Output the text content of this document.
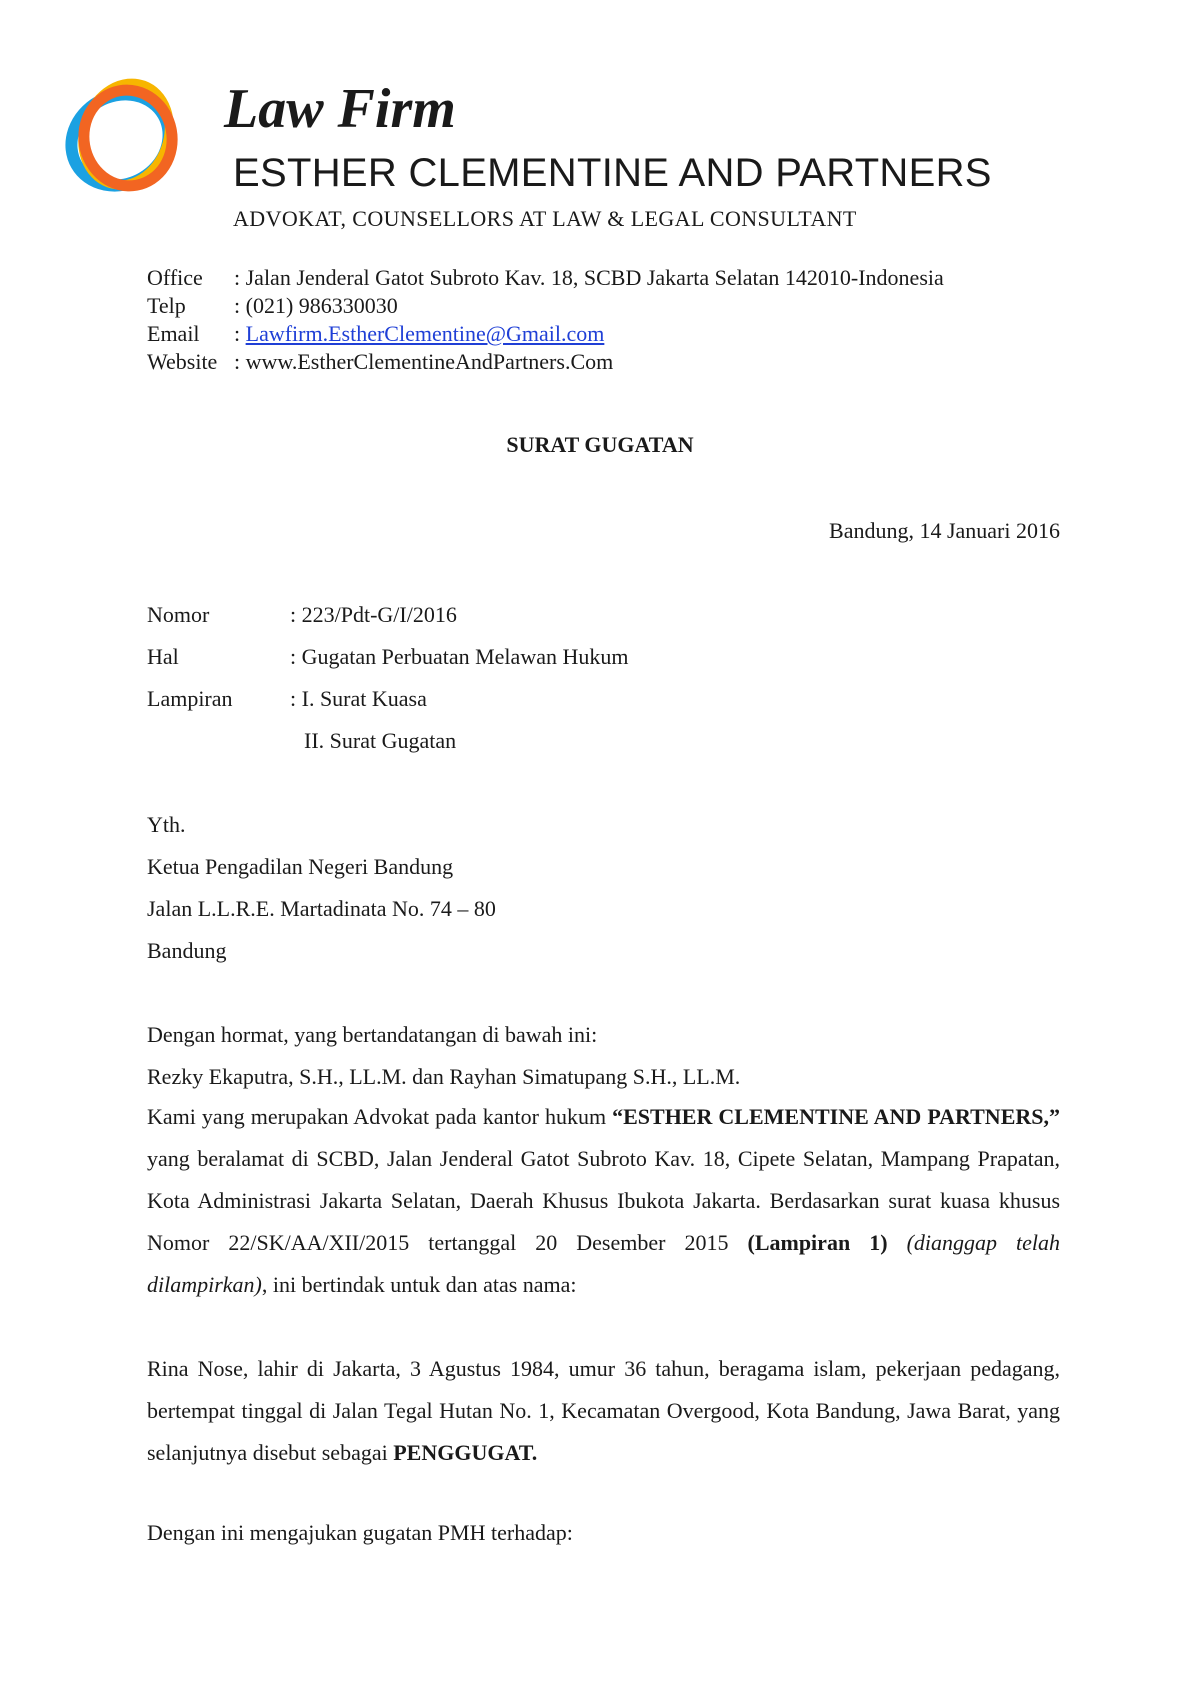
Law Firm
ESTHER CLEMENTINE AND PARTNERS
ADVOKAT, COUNSELLORS AT LAW & LEGAL CONSULTANT
Office : Jalan Jenderal Gatot Subroto Kav. 18, SCBD Jakarta Selatan 142010-Indonesia
Telp : (021) 986330030
Email : Lawfirm.EstherClementine@Gmail.com
Website : www.EstherClementineAndPartners.Com
SURAT GUGATAN
Bandung, 14 Januari 2016
Nomor	: 223/Pdt-G/I/2016
Hal	: Gugatan Perbuatan Melawan Hukum
Lampiran	: I. Surat Kuasa
II. Surat Gugatan
Yth.
Ketua Pengadilan Negeri Bandung
Jalan L.L.R.E. Martadinata No. 74 – 80
Bandung
Dengan hormat, yang bertandatangan di bawah ini:
Rezky Ekaputra, S.H., LL.M. dan Rayhan Simatupang S.H., LL.M.
Kami yang merupakan Advokat pada kantor hukum “ESTHER CLEMENTINE AND PARTNERS,” yang beralamat di SCBD, Jalan Jenderal Gatot Subroto Kav. 18, Cipete Selatan, Mampang Prapatan, Kota Administrasi Jakarta Selatan, Daerah Khusus Ibukota Jakarta. Berdasarkan surat kuasa khusus Nomor 22/SK/AA/XII/2015 tertanggal 20 Desember 2015 (Lampiran 1) (dianggap telah dilampirkan), ini bertindak untuk dan atas nama:
Rina Nose, lahir di Jakarta, 3 Agustus 1984, umur 36 tahun, beragama islam, pekerjaan pedagang, bertempat tinggal di Jalan Tegal Hutan No. 1, Kecamatan Overgood, Kota Bandung, Jawa Barat, yang selanjutnya disebut sebagai PENGGUGAT.
Dengan ini mengajukan gugatan PMH terhadap:
